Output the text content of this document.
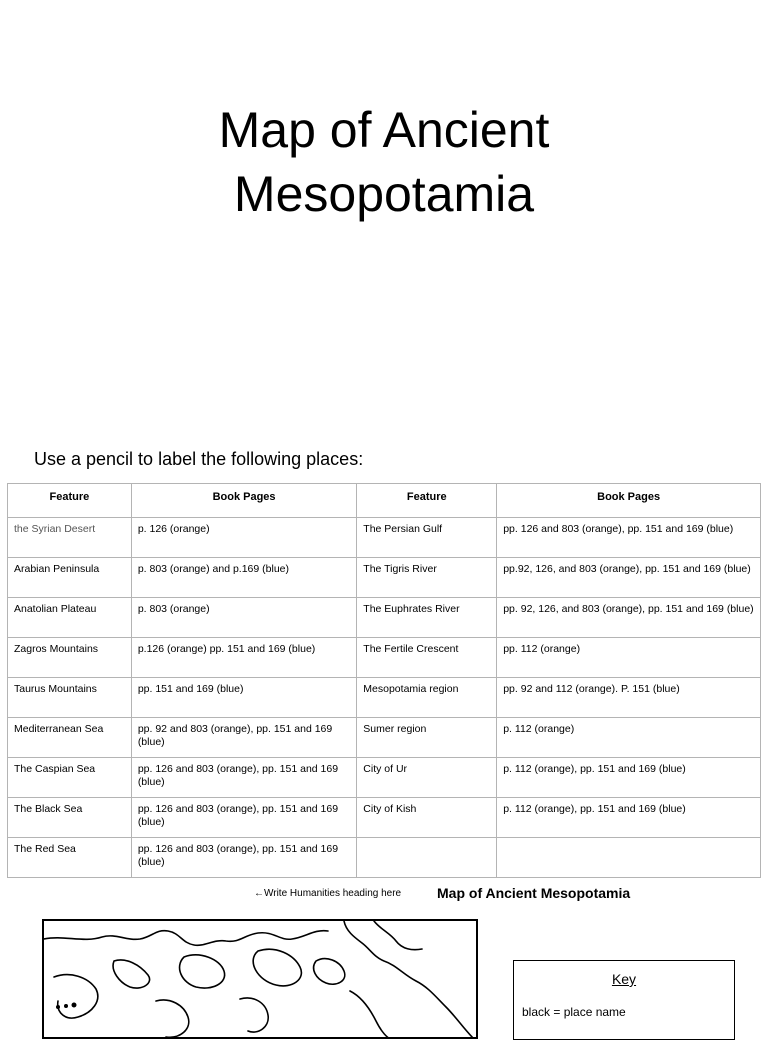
Map of Ancient
Mesopotamia
Use a pencil to label the following places:
Feature	Book Pages	Feature	Book Pages
the Syrian Desert	p. 126 (orange)	The Persian Gulf	pp. 126 and 803 (orange), pp. 151 and 169 (blue)
Arabian Peninsula	p. 803 (orange) and p.169 (blue)	The Tigris River	pp.92, 126, and 803 (orange), pp. 151 and 169 (blue)
Anatolian Plateau	p. 803 (orange)	The Euphrates River	pp. 92, 126, and 803 (orange), pp. 151 and 169 (blue)
Zagros Mountains	p.126 (orange) pp. 151 and 169 (blue)	The Fertile Crescent	pp. 112 (orange)
Taurus Mountains	pp. 151 and 169 (blue)	Mesopotamia region	pp. 92 and 112 (orange). P. 151 (blue)
Mediterranean Sea	pp. 92 and 803 (orange), pp. 151 and 169 (blue)	Sumer region	p. 112 (orange)
The Caspian Sea	pp. 126 and 803 (orange), pp. 151 and 169 (blue)	City of Ur	p. 112 (orange), pp. 151 and 169 (blue)
The Black Sea	pp. 126 and 803 (orange), pp. 151 and 169 (blue)	City of Kish	p. 112 (orange), pp. 151 and 169 (blue)
The Red Sea	pp. 126 and 803 (orange), pp. 151 and 169 (blue)		
←Write Humanities heading here	Map of Ancient Mesopotamia
Key
black = place name
